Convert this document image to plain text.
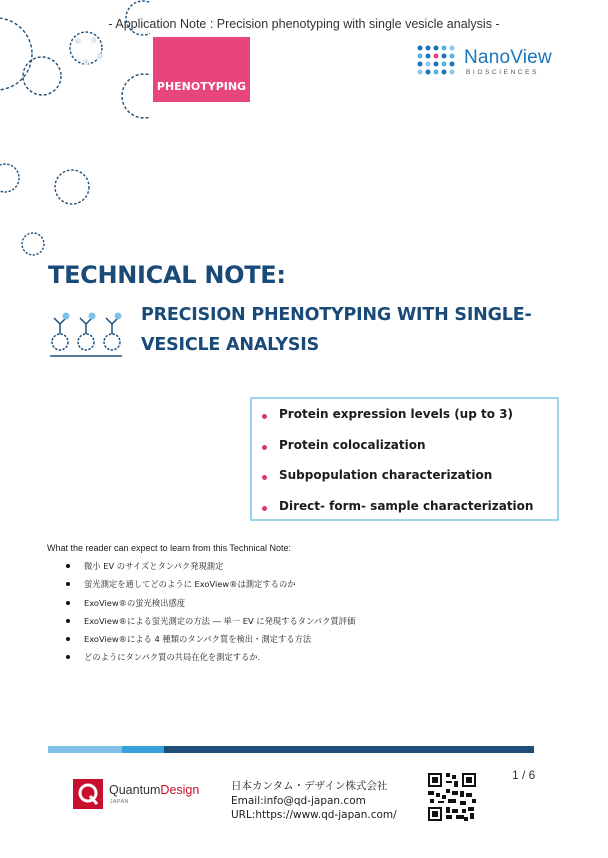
- Application Note : Precision phenotyping with single vesicle analysis -
PHENOTYPING
NanoView
BIOSCIENCES
TECHNICAL NOTE:
PRECISION PHENOTYPING WITH SINGLE-VESICLE ANALYSIS
Protein expression levels (up to 3)
Protein colocalization
Subpopulation characterization
Direct- form- sample characterization
What the reader can expect to learn from this Technical Note:
微小 EV のサイズとタンパク発現測定
蛍光測定を通してどのように ExoView®は測定するのか
ExoView®の蛍光検出感度
ExoView®による蛍光測定の方法 ― 単一 EV に発現するタンパク質評価
ExoView®による 4 種類のタンパク質を検出・測定する方法
どのようにタンパク質の共局在化を測定するか.
QuantumDesign
JAPAN
日本カンタム・デザイン株式会社
Email:info@qd-japan.com
URL:https://www.qd-japan.com/
1 / 6
